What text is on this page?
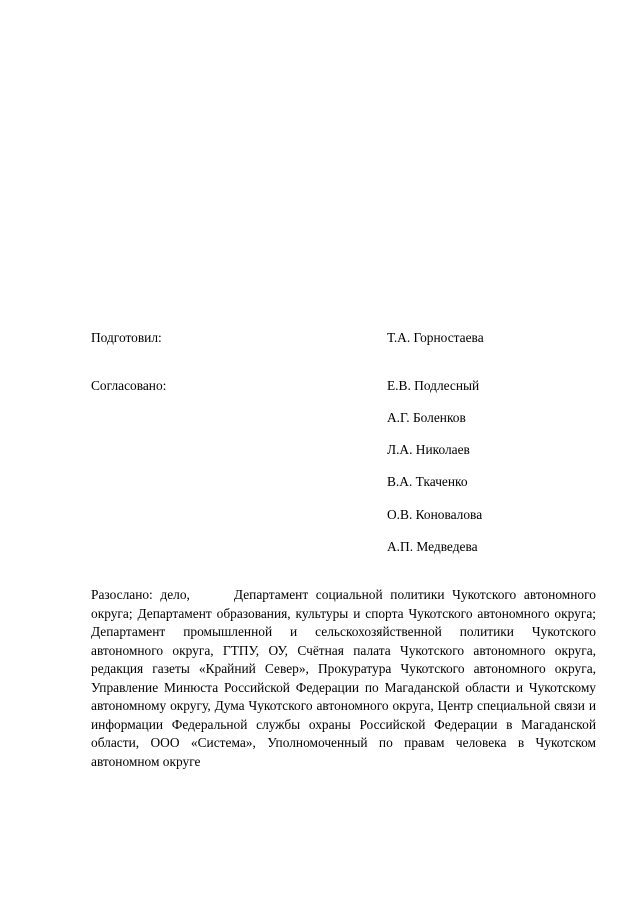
Подготовил:	Т.А. Горностаева
Согласовано:	Е.В. Подлесный
А.Г. Боленков
Л.А. Николаев
В.А. Ткаченко
О.В. Коновалова
А.П. Медведева
Разослано: дело,	Департамент социальной политики Чукотского автономного округа; Департамент образования, культуры и спорта Чукотского автономного округа; Департамент промышленной и сельскохозяйственной политики Чукотского автономного округа, ГТПУ, ОУ, Счётная палата Чукотского автономного округа, редакция газеты «Крайний Север», Прокуратура Чукотского автономного округа, Управление Минюста Российской Федерации по Магаданской области и Чукотскому автономному округу, Дума Чукотского автономного округа, Центр специальной связи и информации Федеральной службы охраны Российской Федерации в Магаданской области, ООО «Система», Уполномоченный по правам человека в Чукотском автономном округе
